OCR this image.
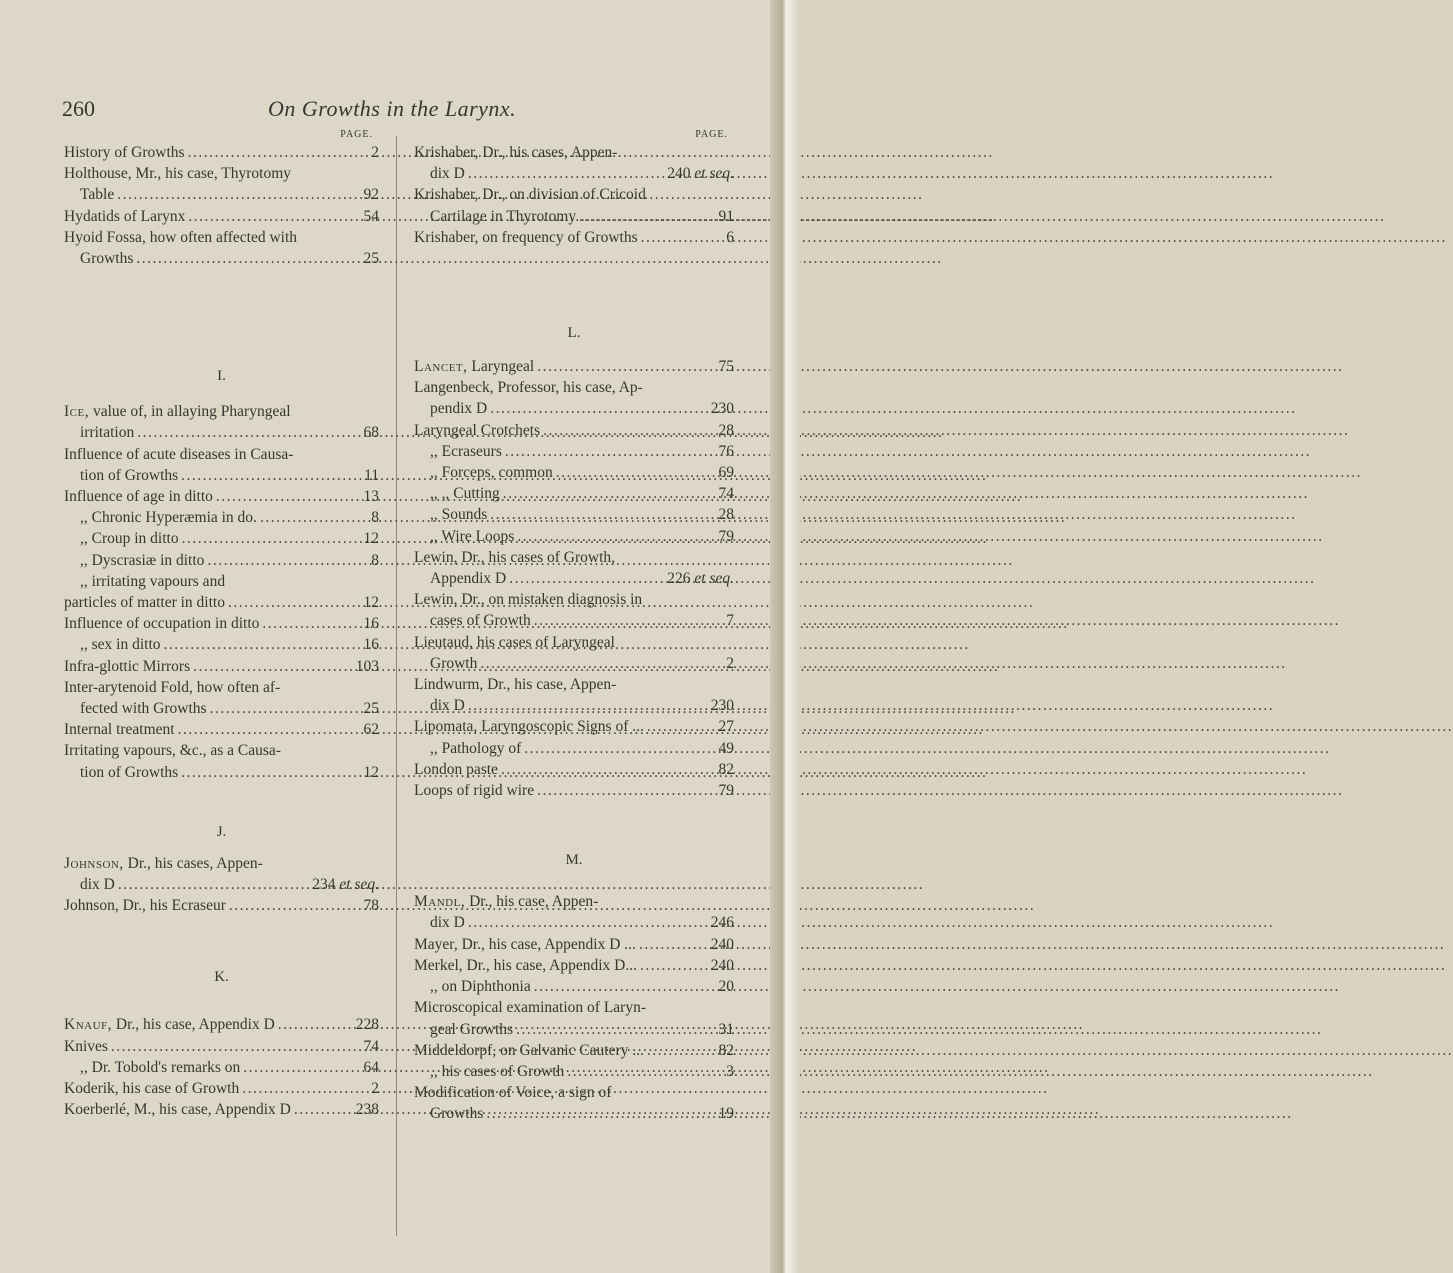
260	On Growths in the Larynx.
PAGE.
History of Growths .....	2
Holthouse, Mr., his case, Thyrotomy
Table .....	92
Hydatids of Larynx .....	54
Hyoid Fossa, how often affected with
Growths .....	25
I.
Ice, value of, in allaying Pharyngeal
irritation .....	68
Influence of acute diseases in Causa-
tion of Growths .....	11
Influence of age in ditto .....	13
,, Chronic Hyperæmia in do. .....	8
,, Croup in ditto .....	12
,, Dyscrasiæ in ditto .....	8
,, irritating vapours and
particles of matter in ditto .....	12
Influence of occupation in ditto .....	16
,, sex in ditto .....	16
Infra-glottic Mirrors .....	103
Inter-arytenoid Fold, how often af-
fected with Growths .....	25
Internal treatment .....	62
Irritating vapours, &c., as a Causa-
tion of Growths .....	12
J.
Johnson, Dr., his cases, Appen-
dix D .....	234 et seq.
Johnson, Dr., his Ecraseur .....	78
K.
Knauf, Dr., his case, Appendix D .....	228
Knives .....	74
,, Dr. Tobold's remarks on .....	64
Koderik, his case of Growth .....	2
Koerberlé, M., his case, Appendix D .....	238
PAGE.
Krishaber, Dr., his cases, Appen-
dix D .....	240 et seq.
Krishaber, Dr., on division of Cricoid
Cartilage in Thyrotomy .....	91
Krishaber, on frequency of Growths .....	6
L.
Lancet, Laryngeal .....	75
Langenbeck, Professor, his case, Ap-
pendix D .....	230
Laryngeal Crotchets .....	28
,, Ecraseurs .....	76
,, Forceps, common .....	69
,, ,, Cutting .....	74
,, Sounds .....	28
,, Wire Loops .....	79
Lewin, Dr., his cases of Growth,
Appendix D .....	226 et seq.
Lewin, Dr., on mistaken diagnosis in
cases of Growth .....	7
Lieutaud, his cases of Laryngeal
Growth .....	2
Lindwurm, Dr., his case, Appen-
dix D .....	230
Lipomata, Laryngoscopic Signs of ... .....	27
,, Pathology of .....	49
London paste .....	82
Loops of rigid wire .....	79
M.
Mandl, Dr., his case, Appen-
dix D .....	246
Mayer, Dr., his case, Appendix D ... .....	240
Merkel, Dr., his case, Appendix D... .....	240
,, on Diphthonia .....	20
Microscopical examination of Laryn-
geal Growths .....	31
Middeldorpf, on Galvanic Cautery ... .....	82
,, his cases of Growth .....	3
Modification of Voice, a sign of
Growths .....	19
